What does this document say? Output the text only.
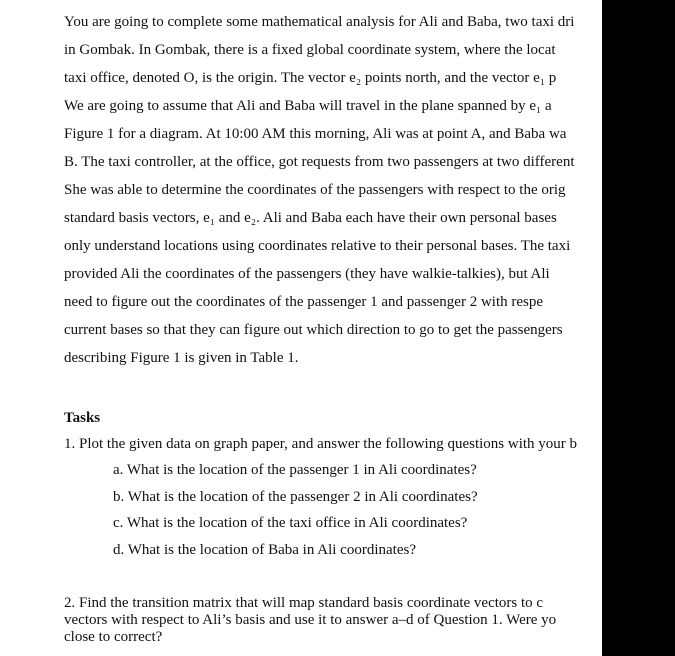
You are going to complete some mathematical analysis for Ali and Baba, two taxi dri
in Gombak. In Gombak, there is a fixed global coordinate system, where the locat
taxi office, denoted O, is the origin. The vector e₂ points north, and the vector e₁ p
We are going to assume that Ali and Baba will travel in the plane spanned by e₁ a
Figure 1 for a diagram. At 10:00 AM this morning, Ali was at point A, and Baba wa
B. The taxi controller, at the office, got requests from two passengers at two different
She was able to determine the coordinates of the passengers with respect to the orig
standard basis vectors, e₁ and e₂. Ali and Baba each have their own personal bases
only understand locations using coordinates relative to their personal bases. The taxi
provided Ali the coordinates of the passengers (they have walkie-talkies), but Ali
need to figure out the coordinates of the passenger 1 and passenger 2 with respe
current bases so that they can figure out which direction to go to get the passengers
describing Figure 1 is given in Table 1.
Tasks
1. Plot the given data on graph paper, and answer the following questions with your b
a. What is the location of the passenger 1 in Ali coordinates?
b. What is the location of the passenger 2 in Ali coordinates?
c. What is the location of the taxi office in Ali coordinates?
d. What is the location of Baba in Ali coordinates?
2. Find the transition matrix that will map standard basis coordinate vectors to c
vectors with respect to Ali’s basis and use it to answer a–d of Question 1. Were yo
close to correct?
